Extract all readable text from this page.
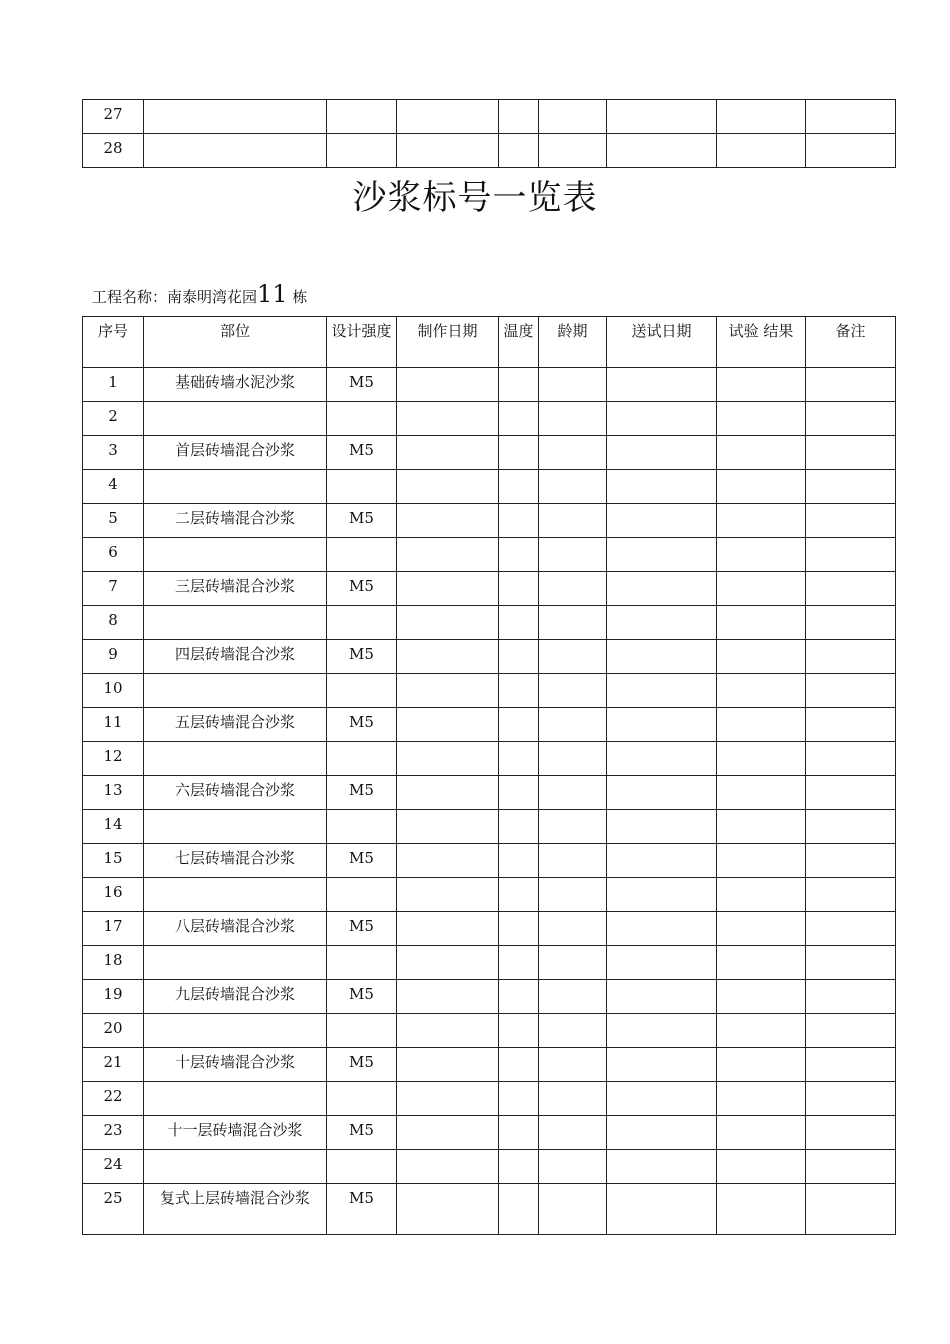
27								
28								
沙浆标号一览表
工程名称：南泰明湾花园11 栋
序号	部位	设计强度	制作日期	温度	龄期	送试日期	试验 结果	备注
1	基础砖墙水泥沙浆	M5						
2								
3	首层砖墙混合沙浆	M5						
4								
5	二层砖墙混合沙浆	M5						
6								
7	三层砖墙混合沙浆	M5						
8								
9	四层砖墙混合沙浆	M5						
10								
11	五层砖墙混合沙浆	M5						
12								
13	六层砖墙混合沙浆	M5						
14								
15	七层砖墙混合沙浆	M5						
16								
17	八层砖墙混合沙浆	M5						
18								
19	九层砖墙混合沙浆	M5						
20								
21	十层砖墙混合沙浆	M5						
22								
23	十一层砖墙混合沙浆	M5						
24								
25	复式上层砖墙混合沙浆	M5						
